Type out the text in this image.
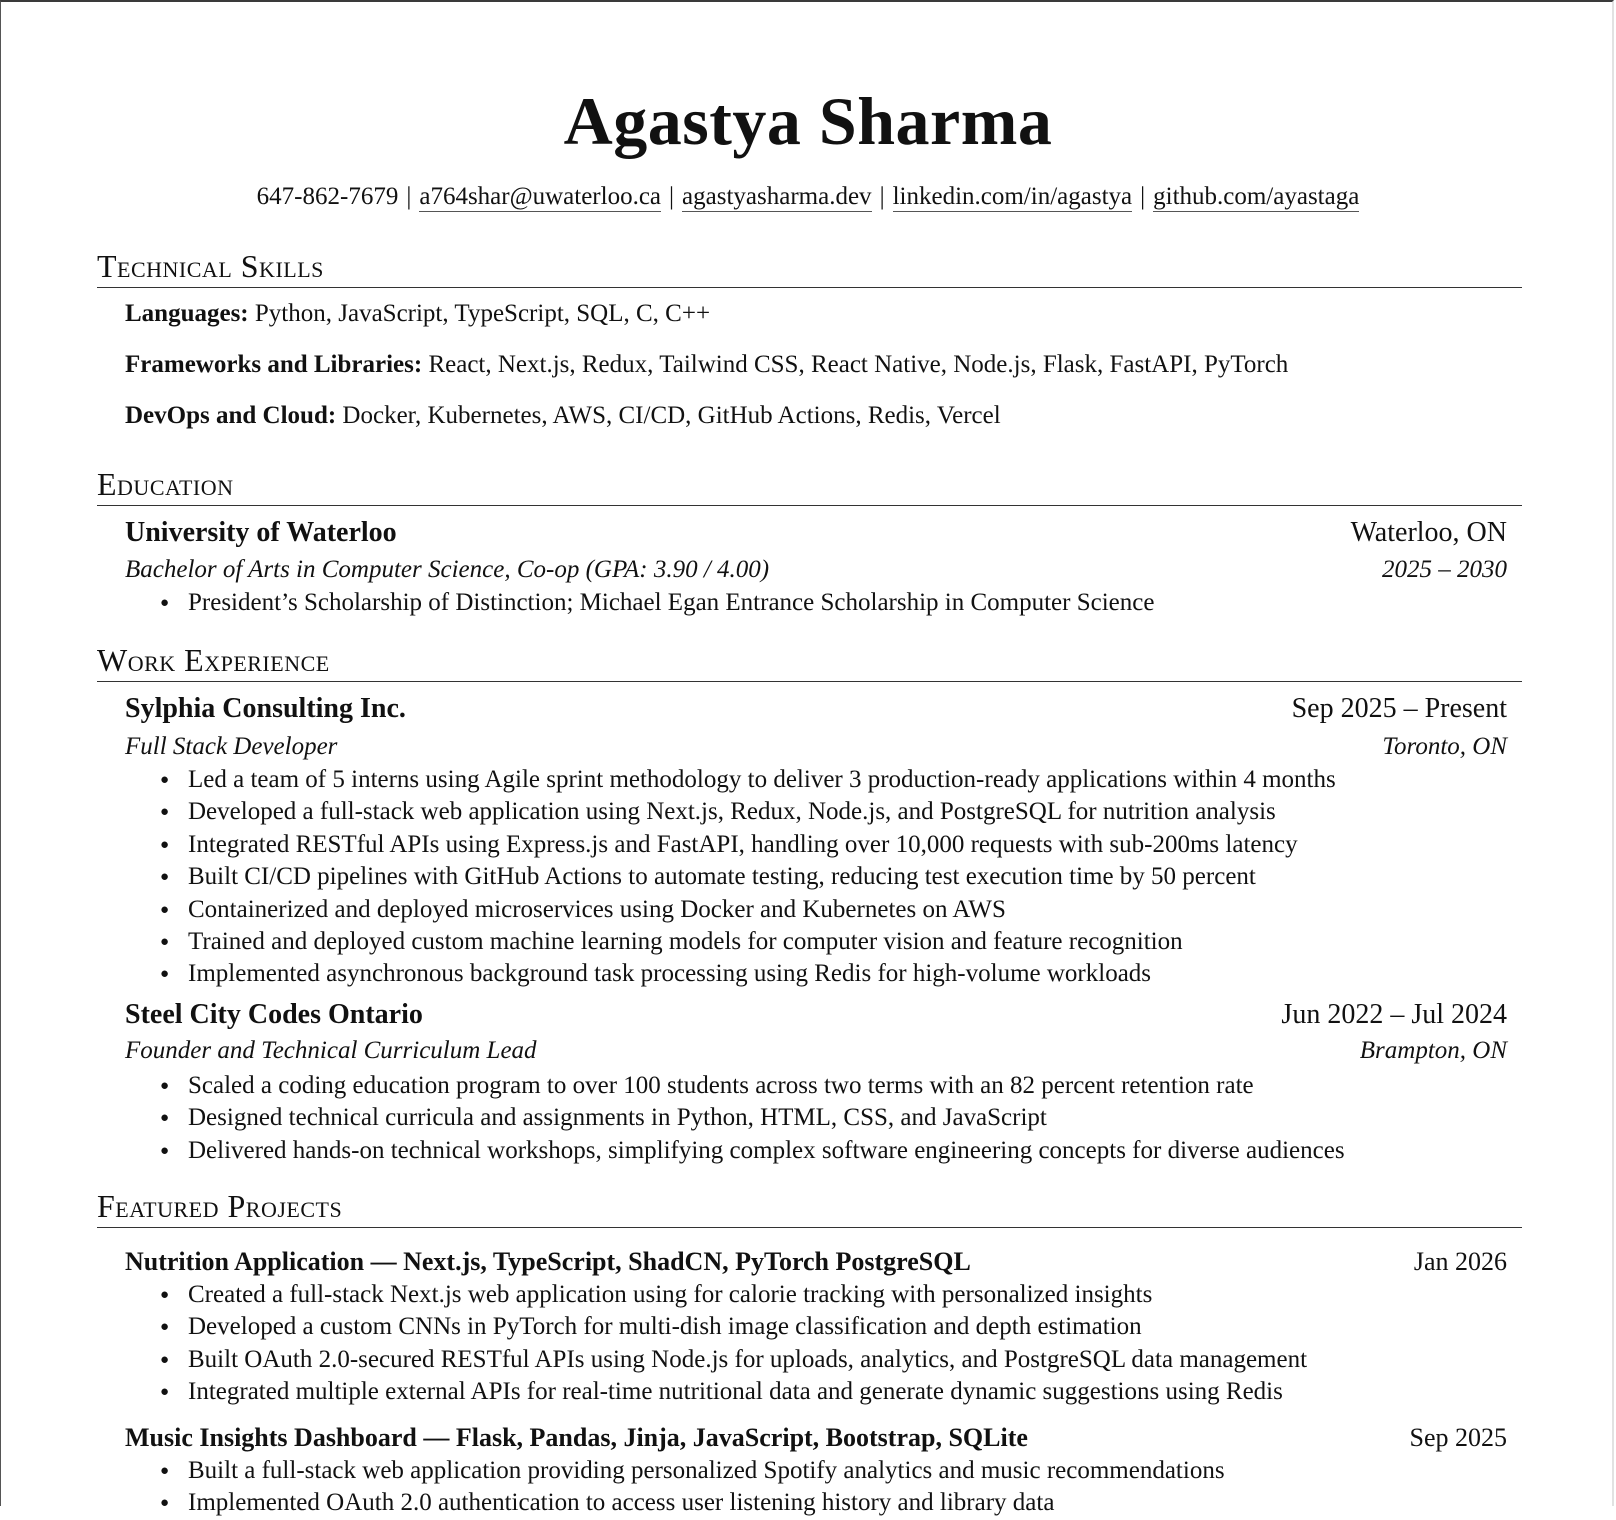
Agastya Sharma
647-862-7679 | a764shar@uwaterloo.ca | agastyasharma.dev | linkedin.com/in/agastya | github.com/ayastaga
Technical Skills
Languages: Python, JavaScript, TypeScript, SQL, C, C++
Frameworks and Libraries: React, Next.js, Redux, Tailwind CSS, React Native, Node.js, Flask, FastAPI, PyTorch
DevOps and Cloud: Docker, Kubernetes, AWS, CI/CD, GitHub Actions, Redis, Vercel
Education
University of Waterloo	Waterloo, ON
Bachelor of Arts in Computer Science, Co-op (GPA: 3.90 / 4.00)	2025 – 2030
● President’s Scholarship of Distinction; Michael Egan Entrance Scholarship in Computer Science
Work Experience
Sylphia Consulting Inc.	Sep 2025 – Present
Full Stack Developer	Toronto, ON
● Led a team of 5 interns using Agile sprint methodology to deliver 3 production-ready applications within 4 months
● Developed a full-stack web application using Next.js, Redux, Node.js, and PostgreSQL for nutrition analysis
● Integrated RESTful APIs using Express.js and FastAPI, handling over 10,000 requests with sub-200ms latency
● Built CI/CD pipelines with GitHub Actions to automate testing, reducing test execution time by 50 percent
● Containerized and deployed microservices using Docker and Kubernetes on AWS
● Trained and deployed custom machine learning models for computer vision and feature recognition
● Implemented asynchronous background task processing using Redis for high-volume workloads
Steel City Codes Ontario	Jun 2022 – Jul 2024
Founder and Technical Curriculum Lead	Brampton, ON
● Scaled a coding education program to over 100 students across two terms with an 82 percent retention rate
● Designed technical curricula and assignments in Python, HTML, CSS, and JavaScript
● Delivered hands-on technical workshops, simplifying complex software engineering concepts for diverse audiences
Featured Projects
Nutrition Application — Next.js, TypeScript, ShadCN, PyTorch PostgreSQL	Jan 2026
● Created a full-stack Next.js web application using for calorie tracking with personalized insights
● Developed a custom CNNs in PyTorch for multi-dish image classification and depth estimation
● Built OAuth 2.0-secured RESTful APIs using Node.js for uploads, analytics, and PostgreSQL data management
● Integrated multiple external APIs for real-time nutritional data and generate dynamic suggestions using Redis
Music Insights Dashboard — Flask, Pandas, Jinja, JavaScript, Bootstrap, SQLite	Sep 2025
● Built a full-stack web application providing personalized Spotify analytics and music recommendations
● Implemented OAuth 2.0 authentication to access user listening history and library data
